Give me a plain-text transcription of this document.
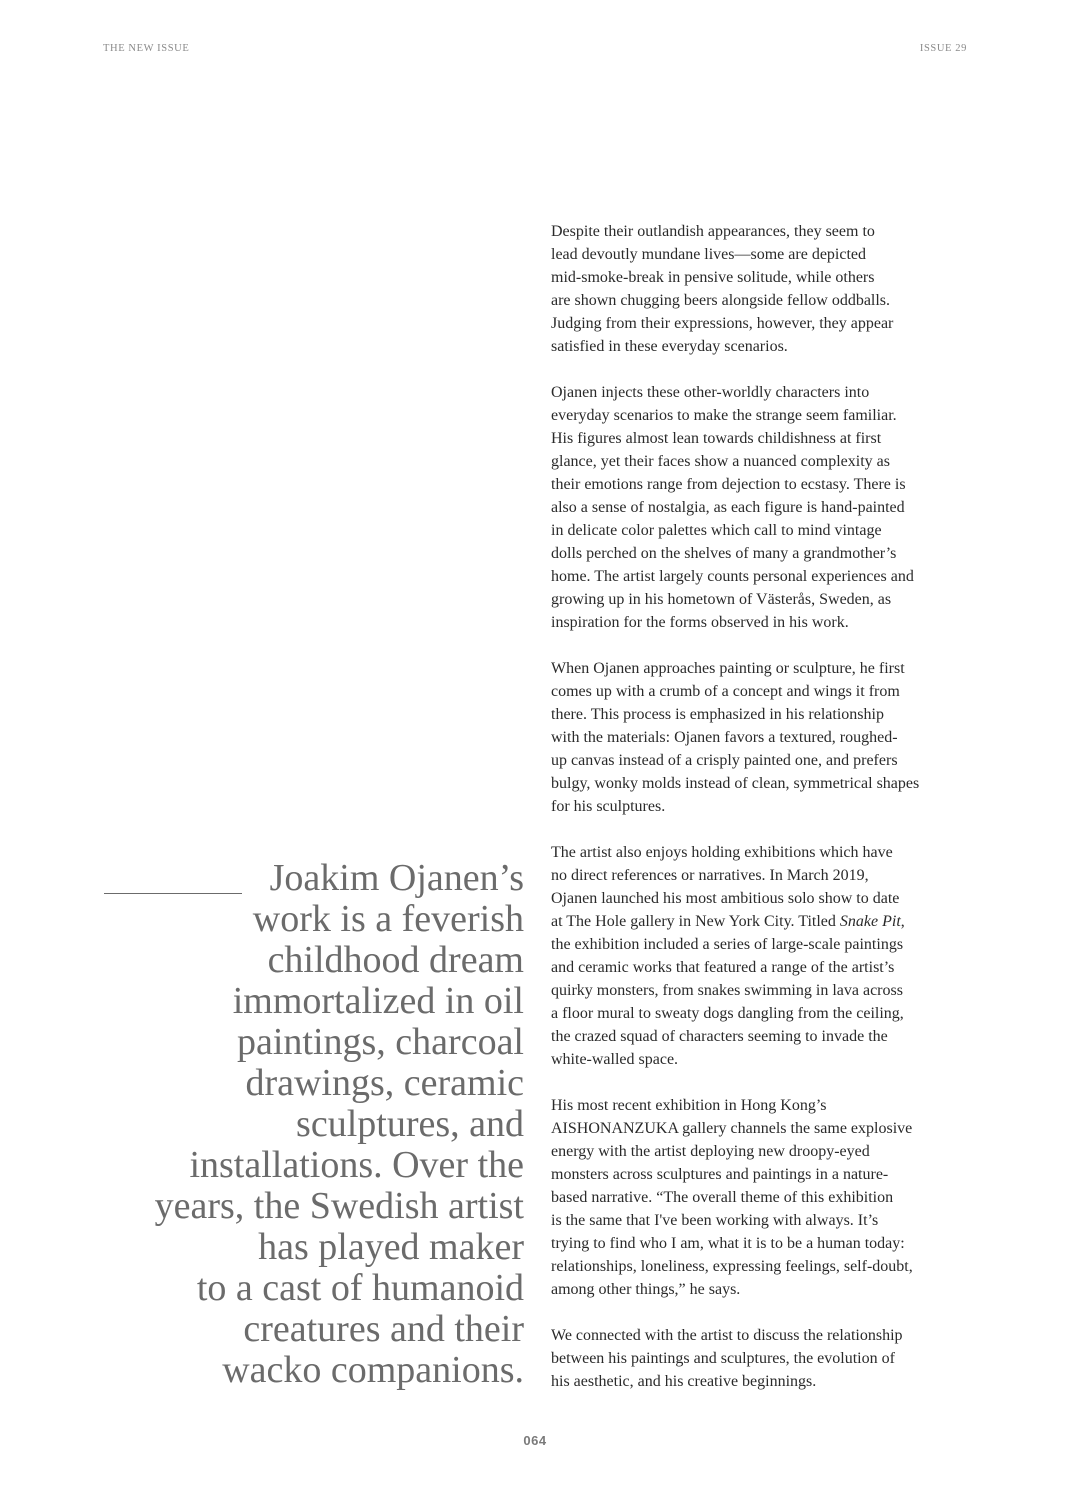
THE NEW ISSUE	ISSUE 29
Joakim Ojanen’s
work is a feverish
childhood dream
immortalized in oil
paintings, charcoal
drawings, ceramic
sculptures, and
installations. Over the
years, the Swedish artist
has played maker
to a cast of humanoid
creatures and their
wacko companions.

Despite their outlandish appearances, they seem to
lead devoutly mundane lives—some are depicted
mid-smoke-break in pensive solitude, while others
are shown chugging beers alongside fellow oddballs.
Judging from their expressions, however, they appear
satisfied in these everyday scenarios.

Ojanen injects these other-worldly characters into
everyday scenarios to make the strange seem familiar.
His figures almost lean towards childishness at first
glance, yet their faces show a nuanced complexity as
their emotions range from dejection to ecstasy. There is
also a sense of nostalgia, as each figure is hand-painted
in delicate color palettes which call to mind vintage
dolls perched on the shelves of many a grandmother’s
home. The artist largely counts personal experiences and
growing up in his hometown of Västerås, Sweden, as
inspiration for the forms observed in his work.

When Ojanen approaches painting or sculpture, he first
comes up with a crumb of a concept and wings it from
there. This process is emphasized in his relationship
with the materials: Ojanen favors a textured, roughed-
up canvas instead of a crisply painted one, and prefers
bulgy, wonky molds instead of clean, symmetrical shapes
for his sculptures.

The artist also enjoys holding exhibitions which have
no direct references or narratives. In March 2019,
Ojanen launched his most ambitious solo show to date
at The Hole gallery in New York City. Titled Snake Pit,
the exhibition included a series of large-scale paintings
and ceramic works that featured a range of the artist’s
quirky monsters, from snakes swimming in lava across
a floor mural to sweaty dogs dangling from the ceiling,
the crazed squad of characters seeming to invade the
white-walled space.

His most recent exhibition in Hong Kong’s
AISHONANZUKA gallery channels the same explosive
energy with the artist deploying new droopy-eyed
monsters across sculptures and paintings in a nature-
based narrative. “The overall theme of this exhibition
is the same that I've been working with always. It’s
trying to find who I am, what it is to be a human today:
relationships, loneliness, expressing feelings, self-doubt,
among other things,” he says.

We connected with the artist to discuss the relationship
between his paintings and sculptures, the evolution of
his aesthetic, and his creative beginnings.

064
